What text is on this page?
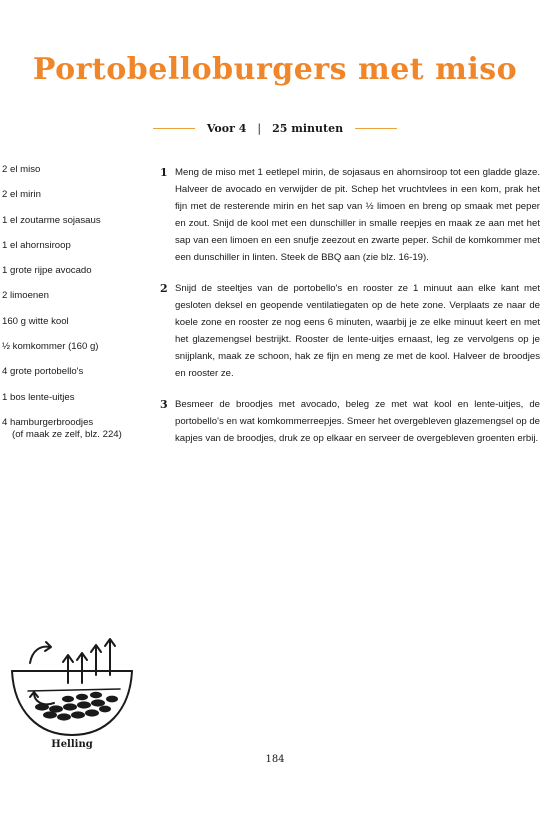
Portobelloburgers met miso
Voor 4 | 25 minuten
2 el miso
2 el mirin
1 el zoutarme sojasaus
1 el ahornsiroop
1 grote rijpe avocado
2 limoenen
160 g witte kool
½ komkommer (160 g)
4 grote portobello's
1 bos lente-uitjes
4 hamburgerbroodjes
(of maak ze zelf, blz. 224)
1 Meng de miso met 1 eetlepel mirin, de sojasaus en ahornsiroop tot een gladde glaze. Halveer de avocado en verwijder de pit. Schep het vruchtvlees in een kom, prak het fijn met de resterende mirin en het sap van ½ limoen en breng op smaak met peper en zout. Snijd de kool met een dunschiller in smalle reepjes en maak ze aan met het sap van een limoen en een snufje zeezout en zwarte peper. Schil de komkommer met een dunschiller in linten. Steek de BBQ aan (zie blz. 16-19).
2 Snijd de steeltjes van de portobello's en rooster ze 1 minuut aan elke kant met gesloten deksel en geopende ventilatiegaten op de hete zone. Verplaats ze naar de koele zone en rooster ze nog eens 6 minuten, waarbij je ze elke minuut keert en met het glazemengsel bestrijkt. Rooster de lente-uitjes ernaast, leg ze vervolgens op je snijplank, maak ze schoon, hak ze fijn en meng ze met de kool. Halveer de broodjes en rooster ze.
3 Besmeer de broodjes met avocado, beleg ze met wat kool en lente-uitjes, de portobello's en wat komkommerreepjes. Smeer het overgebleven glazemengsel op de kapjes van de broodjes, druk ze op elkaar en serveer de overgebleven groenten erbij.
Helling
184
